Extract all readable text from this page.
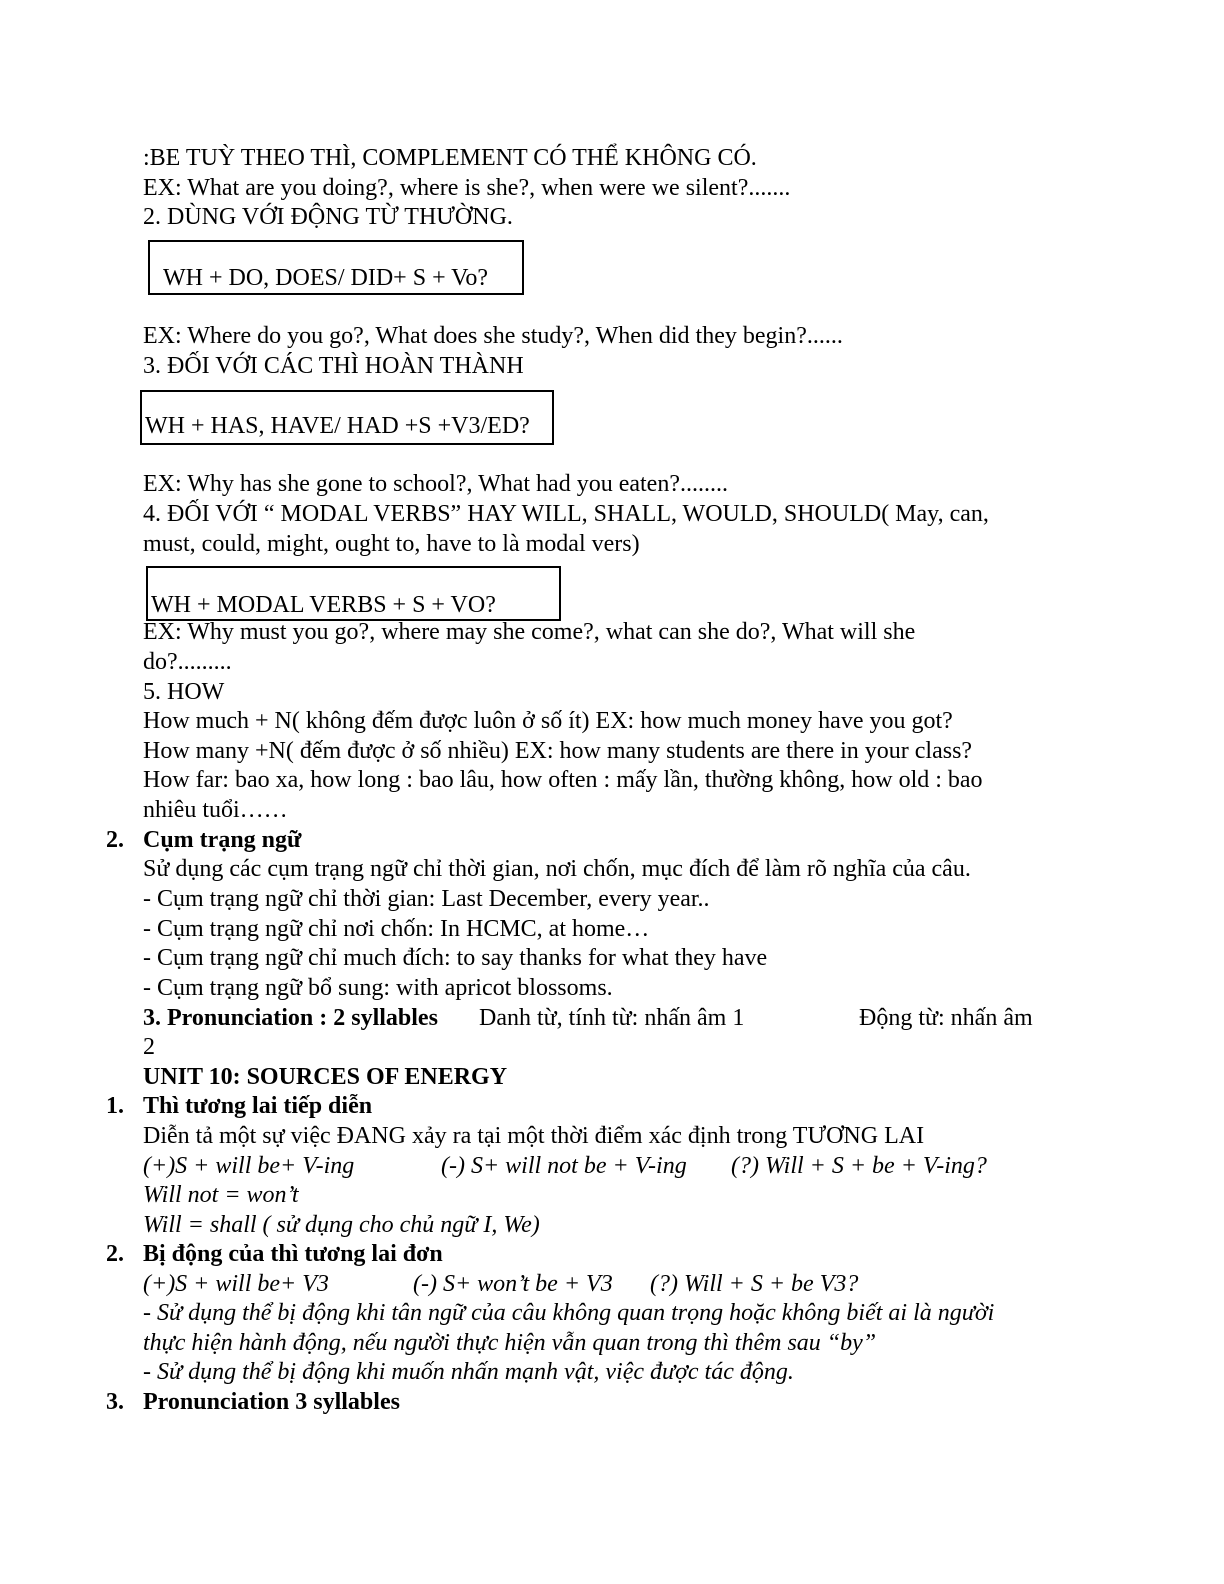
:BE TUỲ THEO THÌ, COMPLEMENT CÓ THỂ KHÔNG CÓ.
EX: What are you doing?, where is she?, when were we silent?.......
2. DÙNG VỚI ĐỘNG TỪ THƯỜNG.
WH + DO, DOES/ DID+ S + Vo?
EX: Where do you go?, What does she study?, When did they begin?......
3. ĐỐI VỚI CÁC THÌ HOÀN THÀNH
WH + HAS, HAVE/ HAD +S +V3/ED?
EX: Why has she gone to school?, What had you eaten?........
4. ĐỐI VỚI “ MODAL VERBS” HAY WILL, SHALL, WOULD, SHOULD( May, can,
must, could, might, ought to, have to là modal vers)
WH + MODAL VERBS + S + VO?
EX: Why must you go?, where may she come?, what can she do?, What will she
do?.........
5. HOW
How much + N( không đếm được luôn ở số ít) EX: how much money have you got?
How many +N( đếm được ở số nhiều) EX: how many students are there in your class?
How far: bao xa, how long : bao lâu, how often : mấy lần, thường không, how old : bao
nhiêu tuổi……
2. Cụm trạng ngữ
Sử dụng các cụm trạng ngữ chỉ thời gian, nơi chốn, mục đích để làm rõ nghĩa của câu.
- Cụm trạng ngữ chỉ thời gian: Last December, every year..
- Cụm trạng ngữ chỉ nơi chốn: In HCMC, at home…
- Cụm trạng ngữ chỉ much đích: to say thanks for what they have
- Cụm trạng ngữ bổ sung: with apricot blossoms.
3. Pronunciation : 2 syllables Danh từ, tính từ: nhấn âm 1	Động từ: nhấn âm
2
UNIT 10: SOURCES OF ENERGY
1. Thì tương lai tiếp diễn
Diễn tả một sự việc ĐANG xảy ra tại một thời điểm xác định trong TƯƠNG LAI
(+)S + will be+ V-ing	(-) S+ will not be + V-ing (?) Will + S + be + V-ing?
Will not = won’t
Will = shall ( sử dụng cho chủ ngữ I, We)
2. Bị động của thì tương lai đơn
(+)S + will be+ V3	(-) S+ won’t be + V3 (?) Will + S + be V3?
- Sử dụng thể bị động khi tân ngữ của câu không quan trọng hoặc không biết ai là người
thực hiện hành động, nếu người thực hiện vẫn quan trong thì thêm sau “by”
- Sử dụng thể bị động khi muốn nhấn mạnh vật, việc được tác động.
3. Pronunciation 3 syllables
